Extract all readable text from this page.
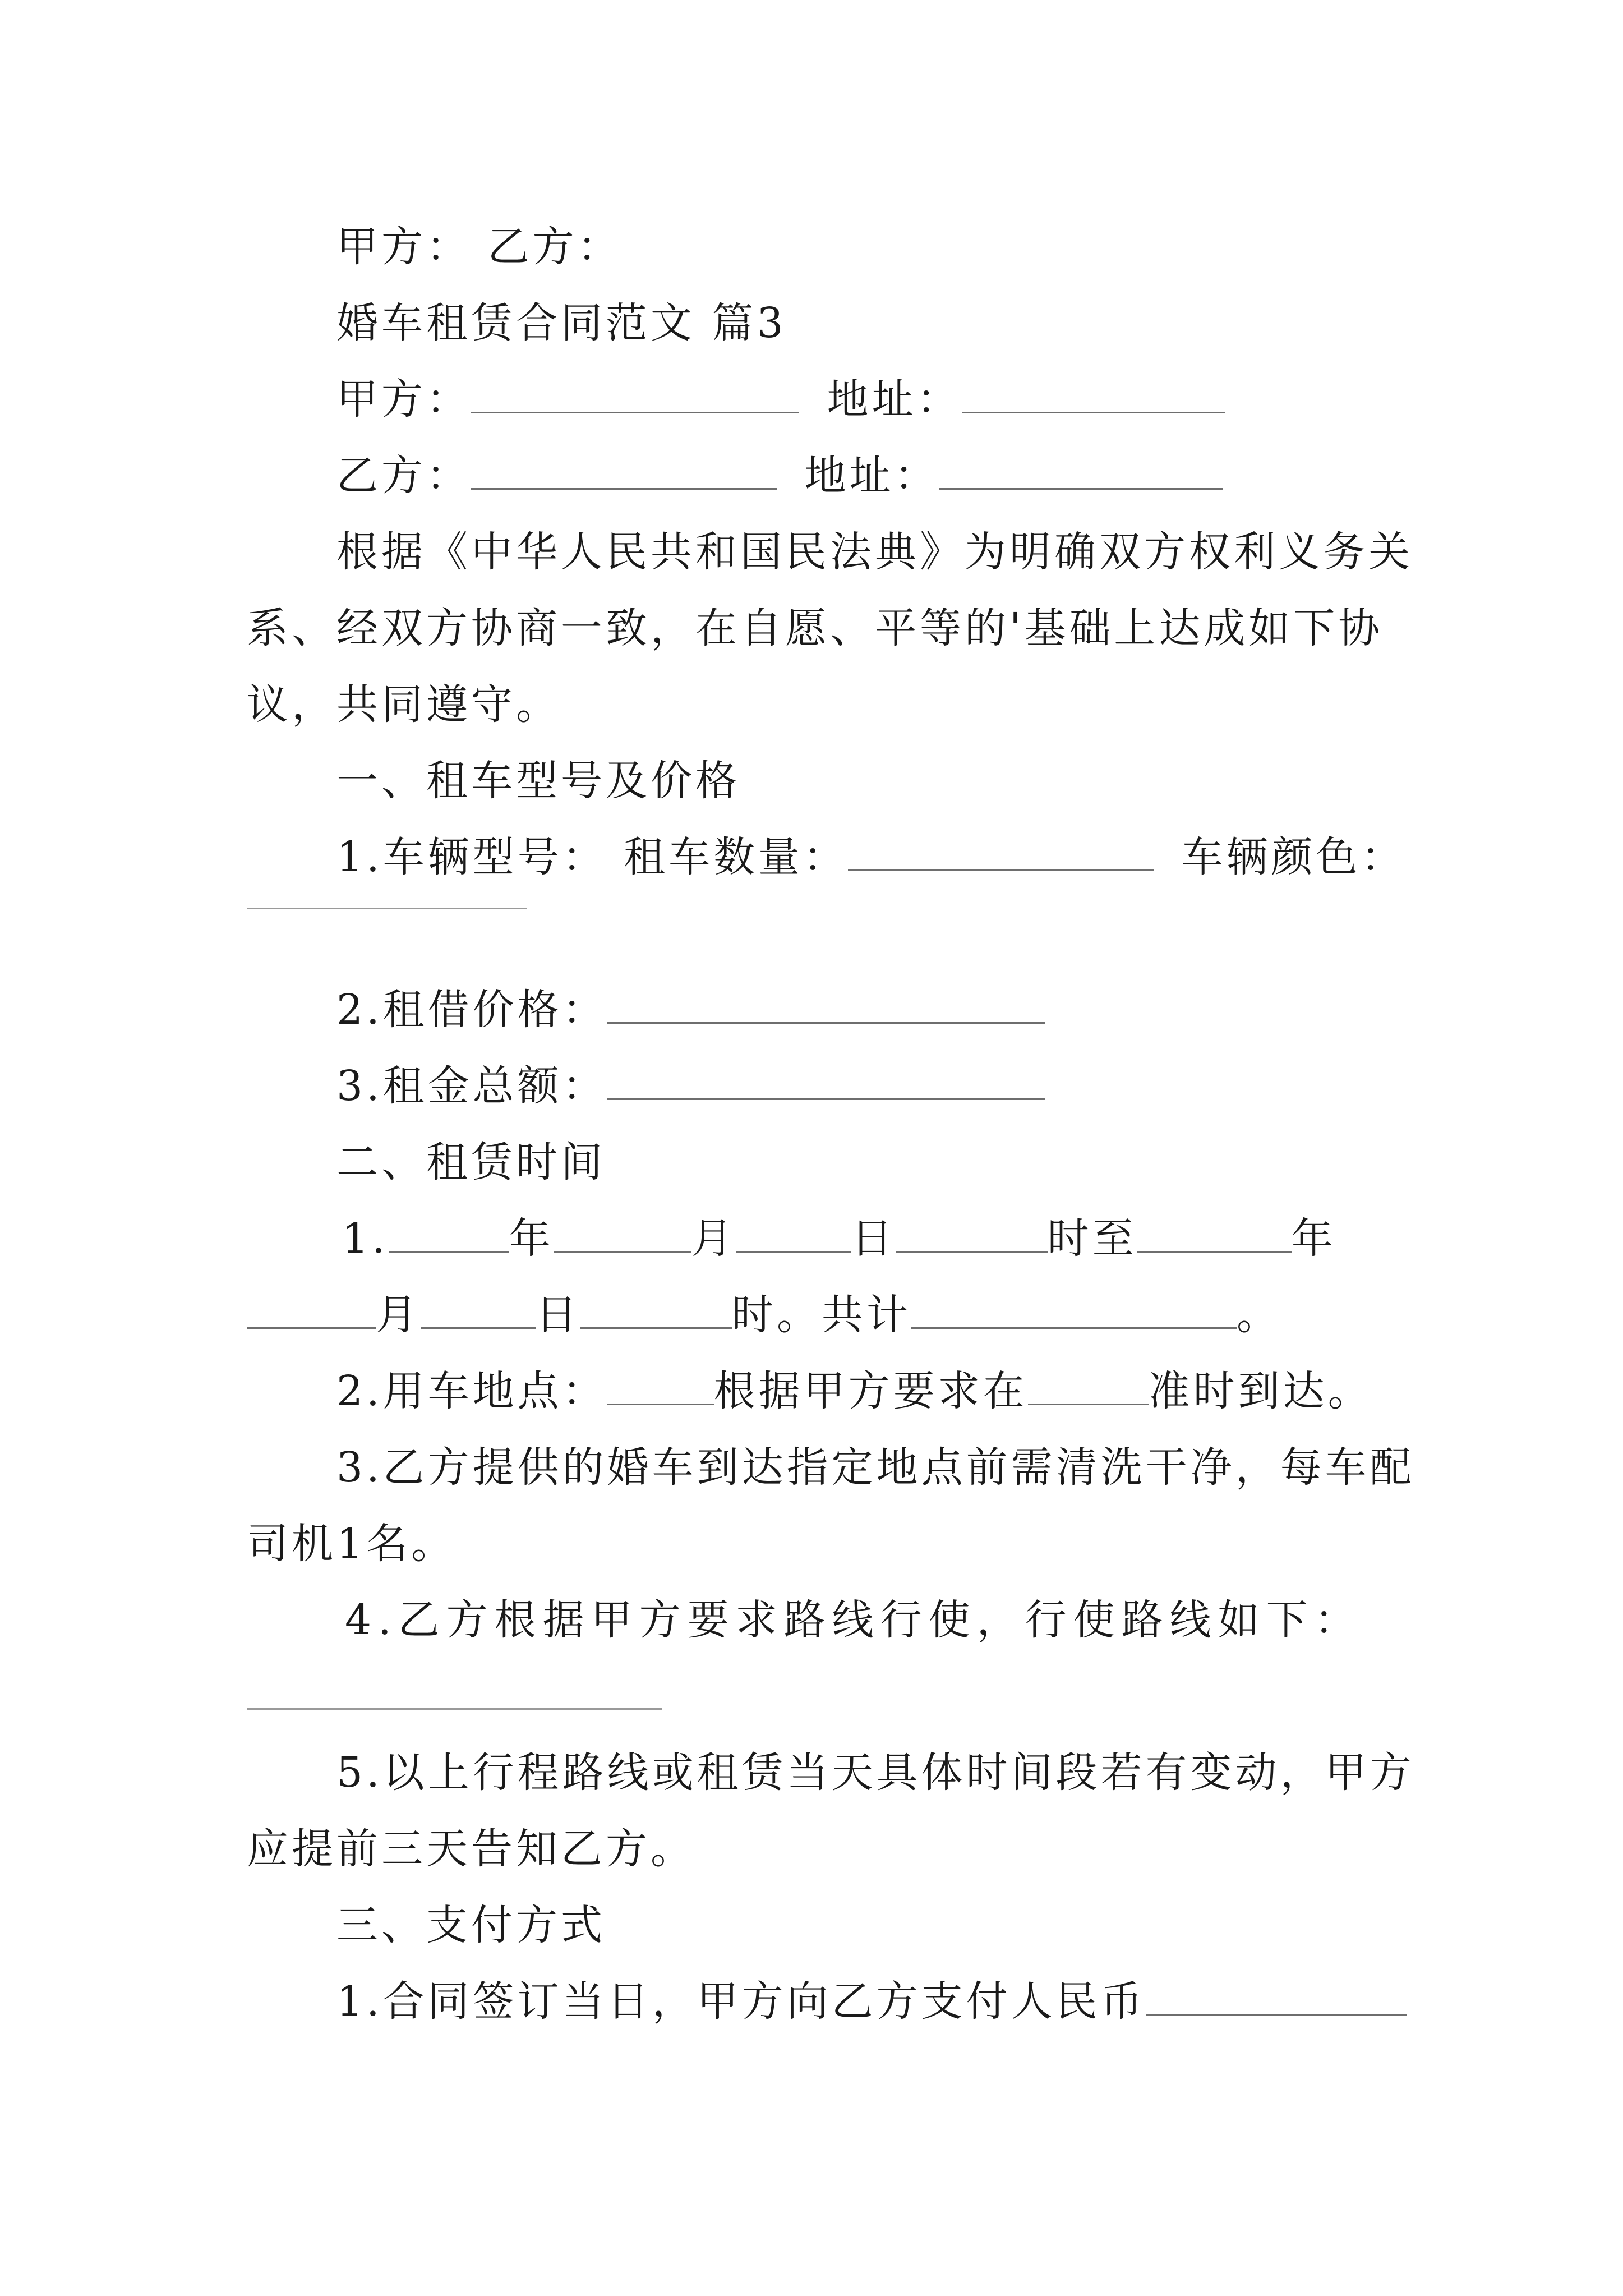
甲方： 乙方：
婚车租赁合同范文 篇3
甲方：	地址：
乙方：	地址：
根据《中华人民共和国民法典》为明确双方权利义务关
系、经双方协商一致，在自愿、平等的'基础上达成如下协
议，共同遵守。
一、租车型号及价格
1.车辆型号： 租车数量：	车辆颜色：
2.租借价格：
3.租金总额：
二、租赁时间
1.	年	月	日	时至	年
月	日	时。共计	。
2.用车地点：	根据甲方要求在	准时到达。
3.乙方提供的婚车到达指定地点前需清洗干净，每车配
司机1名。
4.乙方根据甲方要求路线行使，行使路线如下：
5.以上行程路线或租赁当天具体时间段若有变动，甲方
应提前三天告知乙方。
三、支付方式
1.合同签订当日，甲方向乙方支付人民币
